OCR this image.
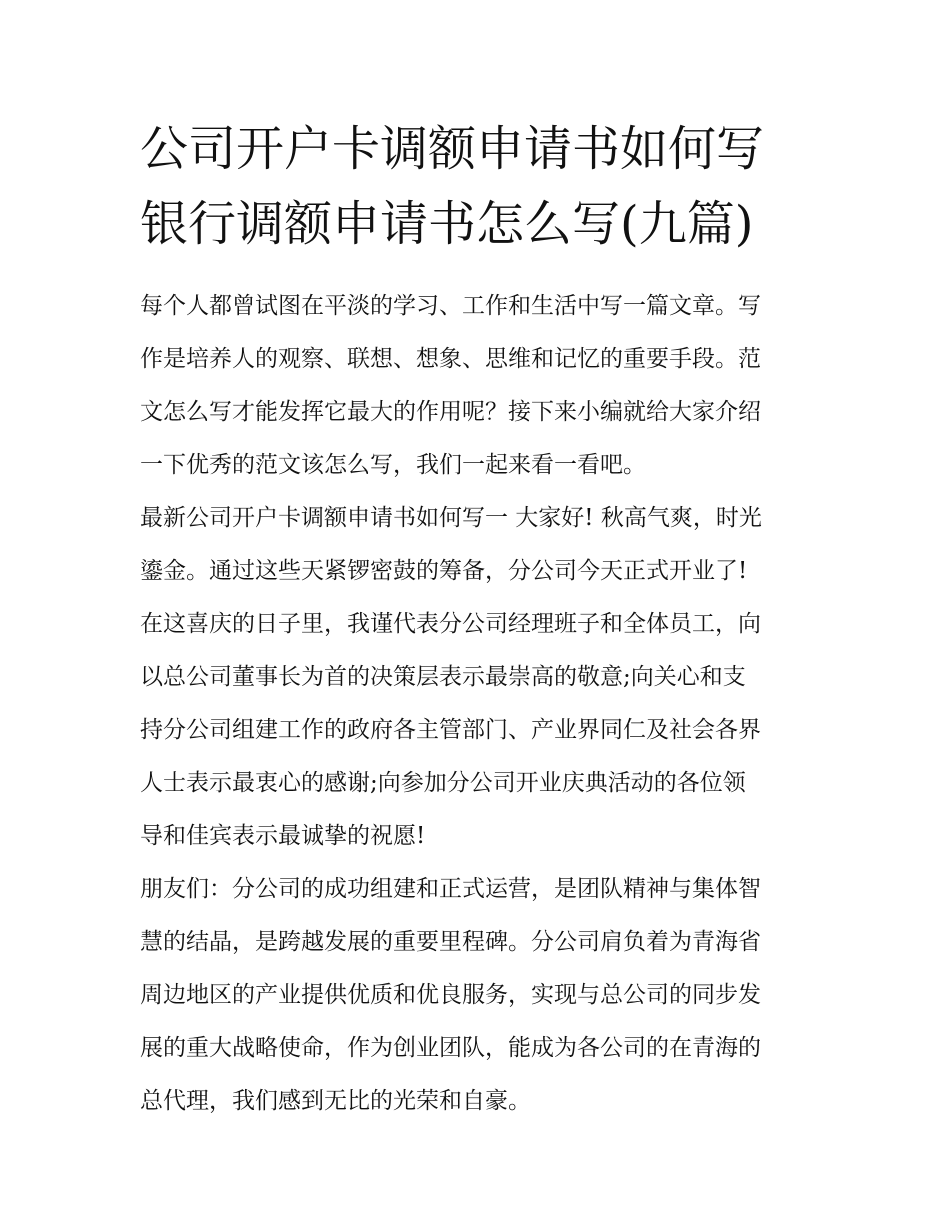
公司开户卡调额申请书如何写
银行调额申请书怎么写(九篇)

每个人都曾试图在平淡的学习、工作和生活中写一篇文章。写
作是培养人的观察、联想、想象、思维和记忆的重要手段。范
文怎么写才能发挥它最大的作用呢？接下来小编就给大家介绍
一下优秀的范文该怎么写，我们一起来看一看吧。

最新公司开户卡调额申请书如何写一 大家好! 秋高气爽，时光
鎏金。通过这些天紧锣密鼓的筹备，分公司今天正式开业了!
在这喜庆的日子里，我谨代表分公司经理班子和全体员工，向
以总公司董事长为首的决策层表示最崇高的敬意;向关心和支
持分公司组建工作的政府各主管部门、产业界同仁及社会各界
人士表示最衷心的感谢;向参加分公司开业庆典活动的各位领
导和佳宾表示最诚挚的祝愿!

朋友们：分公司的成功组建和正式运营，是团队精神与集体智
慧的结晶，是跨越发展的重要里程碑。分公司肩负着为青海省
周边地区的产业提供优质和优良服务，实现与总公司的同步发
展的重大战略使命，作为创业团队，能成为各公司的在青海的
总代理，我们感到无比的光荣和自豪。
